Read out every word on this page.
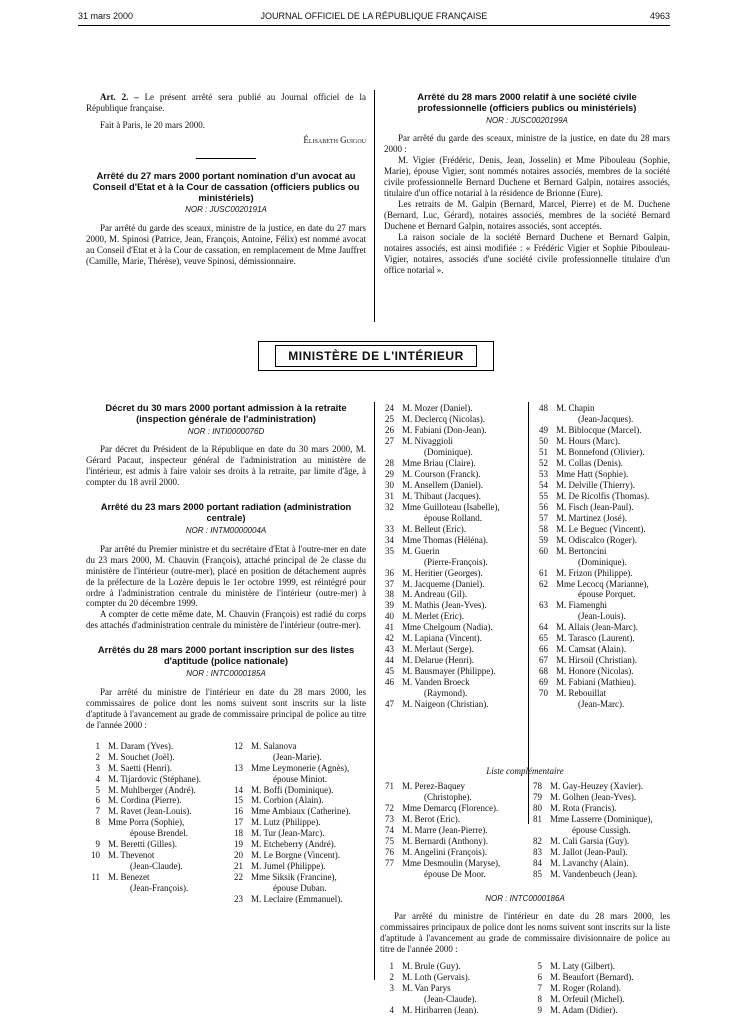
31 mars 2000	JOURNAL OFFICIEL DE LA RÉPUBLIQUE FRANÇAISE	4963

Art. 2. – Le présent arrêté sera publié au Journal officiel de la République française.

Fait à Paris, le 20 mars 2000.

Élisabeth Guigou

Arrêté du 27 mars 2000 portant nomination d'un avocat au Conseil d'Etat et à la Cour de cassation (officiers publics ou ministériels)
NOR : JUSC0020191A

Par arrêté du garde des sceaux, ministre de la justice, en date du 27 mars 2000, M. Spinosi (Patrice, Jean, François, Antoine, Félix) est nommé avocat au Conseil d'Etat et à la Cour de cassation, en remplacement de Mme Jauffret (Camille, Marie, Thérèse), veuve Spinosi, démissionnaire.

Arrêté du 28 mars 2000 relatif à une société civile professionnelle (officiers publics ou ministériels)
NOR : JUSC0020199A

Par arrêté du garde des sceaux, ministre de la justice, en date du 28 mars 2000 :

M. Vigier (Frédéric, Denis, Jean, Josselin) et Mme Pibouleau (Sophie, Marie), épouse Vigier, sont nommés notaires associés, membres de la société civile professionnelle Bernard Duchene et Bernard Galpin, notaires associés, titulaire d'un office notarial à la résidence de Brionne (Eure).

Les retraits de M. Galpin (Bernard, Marcel, Pierre) et de M. Duchene (Bernard, Luc, Gérard), notaires associés, membres de la société Bernard Duchene et Bernard Galpin, notaires associés, sont acceptés.

La raison sociale de la société Bernard Duchene et Bernard Galpin, notaires associés, est ainsi modifiée : « Frédéric Vigier et Sophie Pibouleau-Vigier, notaires, associés d'une société civile professionnelle titulaire d'un office notarial ».

MINISTÈRE DE L'INTÉRIEUR
Décret du 30 mars 2000 portant admission à la retraite (inspection générale de l'administration)
NOR : INTI0000076D

Par décret du Président de la République en date du 30 mars 2000, M. Gérard Pacaut, inspecteur général de l'administration au ministère de l'intérieur, est admis à faire valoir ses droits à la retraite, par limite d'âge, à compter du 18 avril 2000.

Arrêté du 23 mars 2000 portant radiation (administration centrale)
NOR : INTM0000004A

Par arrêté du Premier ministre et du secrétaire d'Etat à l'outre-mer en date du 23 mars 2000, M. Chauvin (François), attaché principal de 2e classe du ministère de l'intérieur (outre-mer), placé en position de détachement auprès de la préfecture de la Lozère depuis le 1er octobre 1999, est réintégré pour ordre à l'administration centrale du ministère de l'intérieur (outre-mer) à compter du 20 décembre 1999.

A compter de cette même date, M. Chauvin (François) est radié du corps des attachés d'administration centrale du ministère de l'intérieur (outre-mer).

Arrêtés du 28 mars 2000 portant inscription sur des listes d'aptitude (police nationale)
NOR : INTC0000185A

Par arrêté du ministre de l'intérieur en date du 28 mars 2000, les commissaires de police dont les noms suivent sont inscrits sur la liste d'aptitude à l'avancement au grade de commissaire principal de police au titre de l'année 2000 :

1 M. Daram (Yves).
2 M. Souchet (Joël).
3 M. Saetti (Henri).
4 M. Tijardovic (Stéphane).
5 M. Muhlberger (André).
6 M. Cordina (Pierre).
7 M. Ravet (Jean-Louis).
8 Mme Porra (Sophie),
épouse Brendel.
9 M. Beretti (Gilles).
10 M. Thevenot
(Jean-Claude).
11 M. Benezet
(Jean-François).
12 M. Salanova
(Jean-Marie).
13 Mme Leymonerie (Agnès),
épouse Miniot.
14 M. Boffi (Dominique).
15 M. Corbion (Alain).
16 Mme Ambiaux (Catherine).
17 M. Lutz (Philippe).
18 M. Tur (Jean-Marc).
19 M. Etcheberry (André).
20 M. Le Borgne (Vincent).
21 M. Jumel (Philippe).
22 Mme Siksik (Francine),
épouse Duban.
23 M. Leclaire (Emmanuel).
24 M. Mozer (Daniel).
25 M. Declercq (Nicolas).
26 M. Fabiani (Don-Jean).
27 M. Nivaggioli
(Dominique).
28 Mme Briau (Claire).
29 M. Courson (Franck).
30 M. Ansellem (Daniel).
31 M. Thibaut (Jacques).
32 Mme Guilloteau (Isabelle),
épouse Rolland.
33 M. Belleut (Eric).
34 Mme Thomas (Héléna).
35 M. Guerin
(Pierre-François).
36 M. Heritier (Georges).
37 M. Jacqueme (Daniel).
38 M. Andreau (Gil).
39 M. Mathis (Jean-Yves).
40 M. Merlet (Eric).
41 Mme Chelgoum (Nadia).
42 M. Lapiana (Vincent).
43 M. Merlaut (Serge).
44 M. Delarue (Henri).
45 M. Bausmayer (Philippe).
46 M. Vanden Broeck
(Raymond).
47 M. Naigeon (Christian).
48 M. Chapin
(Jean-Jacques).
49 M. Biblocque (Marcel).
50 M. Hours (Marc).
51 M. Bonnefond (Olivier).
52 M. Collas (Denis).
53 Mme Hatt (Sophie).
54 M. Delville (Thierry).
55 M. De Ricolfis (Thomas).
56 M. Fisch (Jean-Paul).
57 M. Martinez (José).
58 M. Le Beguec (Vincent).
59 M. Odiscalco (Roger).
60 M. Bertoncini
(Dominique).
61 M. Frizon (Philippe).
62 Mme Lecocq (Marianne),
épouse Porquet.
63 M. Fiamenghi
(Jean-Louis).
64 M. Allais (Jean-Marc).
65 M. Tarasco (Laurent).
66 M. Camsat (Alain).
67 M. Hirsoil (Christian).
68 M. Honore (Nicolas).
69 M. Fabiani (Mathieu).
70 M. Rebouillat
(Jean-Marc).
Liste complémentaire
71 M. Perez-Baquey
(Christophe).
72 Mme Demarcq (Florence).
73 M. Berot (Eric).
74 M. Marre (Jean-Pierre).
75 M. Bernardi (Anthony).
76 M. Angelini (François).
77 Mme Desmoulin (Maryse),
épouse De Moor.
78 M. Gay-Heuzey (Xavier).
79 M. Golhen (Jean-Yves).
80 M. Rota (Francis).
81 Mme Lasserre (Dominique),
épouse Cussigh.
82 M. Cali Garsia (Guy).
83 M. Jallot (Jean-Paul).
84 M. Lavanchy (Alain).
85 M. Vandenbeuch (Jean).
NOR : INTC0000186A

Par arrêté du ministre de l'intérieur en date du 28 mars 2000, les commissaires principaux de police dont les noms suivent sont inscrits sur la liste d'aptitude à l'avancement au grade de commissaire divisionnaire de police au titre de l'année 2000 :

1 M. Brule (Guy).
2 M. Loth (Gervais).
3 M. Van Parys
(Jean-Claude).
4 M. Hiribarren (Jean).
5 M. Laty (Gilbert).
6 M. Beaufort (Bernard).
7 M. Roger (Roland).
8 M. Orfeuil (Michel).
9 M. Adam (Didier).
